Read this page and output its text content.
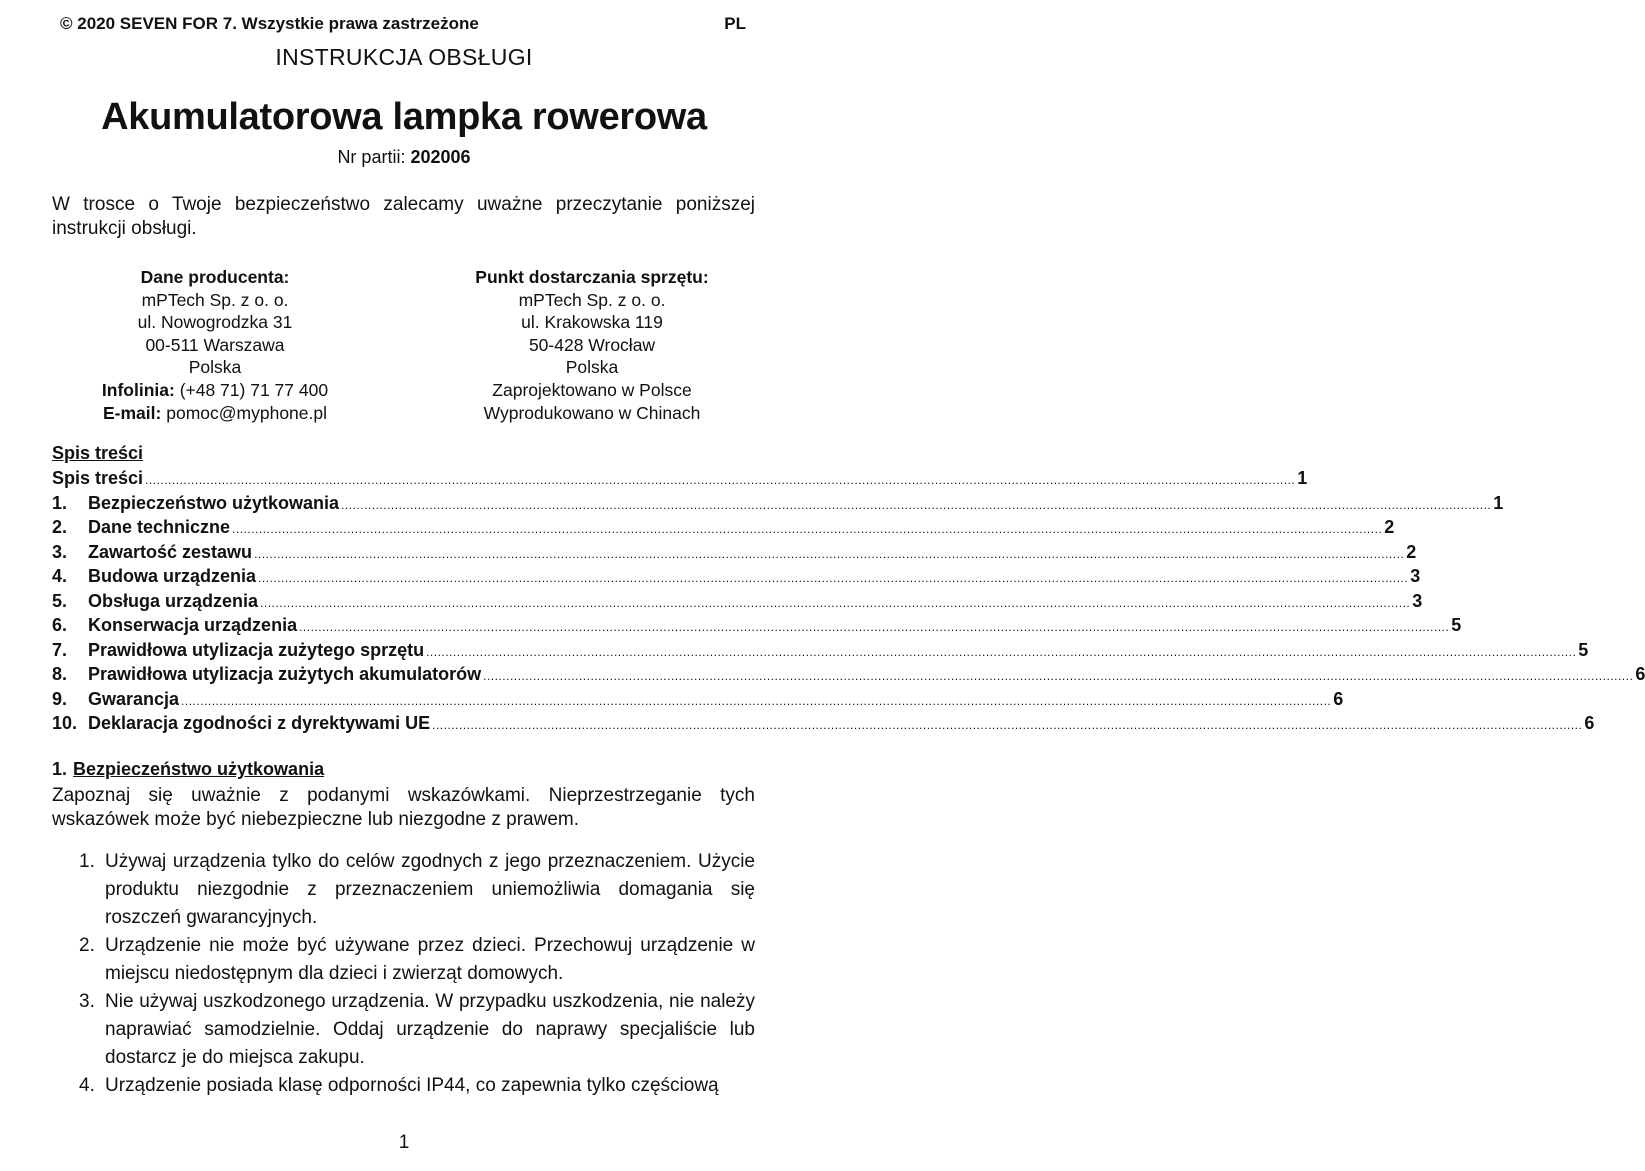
© 2020 SEVEN FOR 7. Wszystkie prawa zastrzeżone	PL
INSTRUKCJA OBSŁUGI
Akumulatorowa lampka rowerowa
Nr partii: 202006
W trosce o Twoje bezpieczeństwo zalecamy uważne przeczytanie poniższej instrukcji obsługi.
Dane producenta:
mPTech Sp. z o. o.
ul. Nowogrodzka 31
00-511 Warszawa
Polska
Infolinia: (+48 71) 71 77 400
E-mail: pomoc@myphone.pl
Punkt dostarczania sprzętu:
mPTech Sp. z o. o.
ul. Krakowska 119
50-428 Wrocław
Polska
Zaprojektowano w Polsce
Wyprodukowano w Chinach
Spis treści
Spis treści ............................................................................................................................................................................................................................................................................................................ 1
1.	Bezpieczeństwo użytkowania ............................................................................................................................................................................................................................................................................................................ 1
2.	Dane techniczne ............................................................................................................................................................................................................................................................................................................ 2
3.	Zawartość zestawu ............................................................................................................................................................................................................................................................................................................ 2
4.	Budowa urządzenia ............................................................................................................................................................................................................................................................................................................ 3
5.	Obsługa urządzenia ............................................................................................................................................................................................................................................................................................................ 3
6.	Konserwacja urządzenia ............................................................................................................................................................................................................................................................................................................ 5
7.	Prawidłowa utylizacja zużytego sprzętu ............................................................................................................................................................................................................................................................................................................ 5
8.	Prawidłowa utylizacja zużytych akumulatorów ............................................................................................................................................................................................................................................................................................................ 6
9.	Gwarancja ............................................................................................................................................................................................................................................................................................................ 6
10. Deklaracja zgodności z dyrektywami UE ............................................................................................................................................................................................................................................................................................................ 6
1. Bezpieczeństwo użytkowania
Zapoznaj się uważnie z podanymi wskazówkami. Nieprzestrzeganie tych wskazówek może być niebezpieczne lub niezgodne z prawem.
1. Używaj urządzenia tylko do celów zgodnych z jego przeznaczeniem. Użycie produktu niezgodnie z przeznaczeniem uniemożliwia domagania się roszczeń gwarancyjnych.
2. Urządzenie nie może być używane przez dzieci. Przechowuj urządzenie w miejscu niedostępnym dla dzieci i zwierząt domowych.
3. Nie używaj uszkodzonego urządzenia. W przypadku uszkodzenia, nie należy naprawiać samodzielnie. Oddaj urządzenie do naprawy specjaliście lub dostarcz je do miejsca zakupu.
4. Urządzenie posiada klasę odporności IP44, co zapewnia tylko częściową
1
